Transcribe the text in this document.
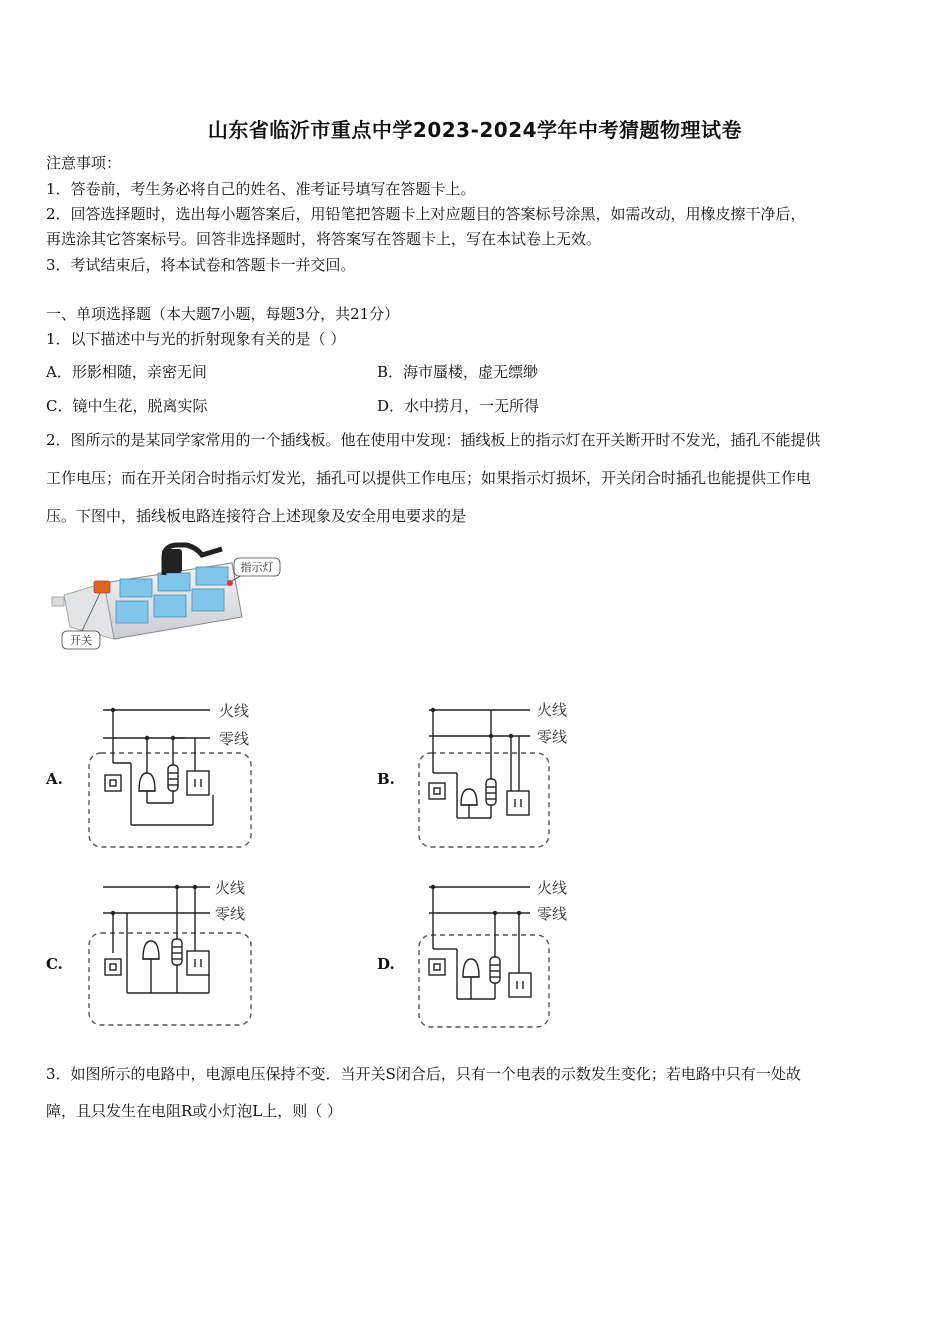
山东省临沂市重点中学2023-2024学年中考猜题物理试卷
注意事项：
1．答卷前，考生务必将自己的姓名、准考证号填写在答题卡上。
2．回答选择题时，选出每小题答案后，用铅笔把答题卡上对应题目的答案标号涂黑，如需改动，用橡皮擦干净后，
再选涂其它答案标号。回答非选择题时，将答案写在答题卡上，写在本试卷上无效。
3．考试结束后，将本试卷和答题卡一并交回。
一、单项选择题（本大题7小题，每题3分，共21分）
1．以下描述中与光的折射现象有关的是（ ）
A．形影相随，亲密无间	B．海市蜃楼，虚无缥缈
C．镜中生花，脱离实际	D．水中捞月，一无所得
2．图所示的是某同学家常用的一个插线板。他在使用中发现：插线板上的指示灯在开关断开时不发光，插孔不能提供
工作电压；而在开关闭合时指示灯发光，插孔可以提供工作电压；如果指示灯损坏，开关闭合时插孔也能提供工作电
压。下图中，插线板电路连接符合上述现象及安全用电要求的是
指示灯
开关
A.	B.
C.	D.
火线
零线
火线
零线
火线
零线
火线
零线
3．如图所示的电路中，电源电压保持不变．当开关S闭合后，只有一个电表的示数发生变化；若电路中只有一处故
障，且只发生在电阻R或小灯泡L上，则（ ）
